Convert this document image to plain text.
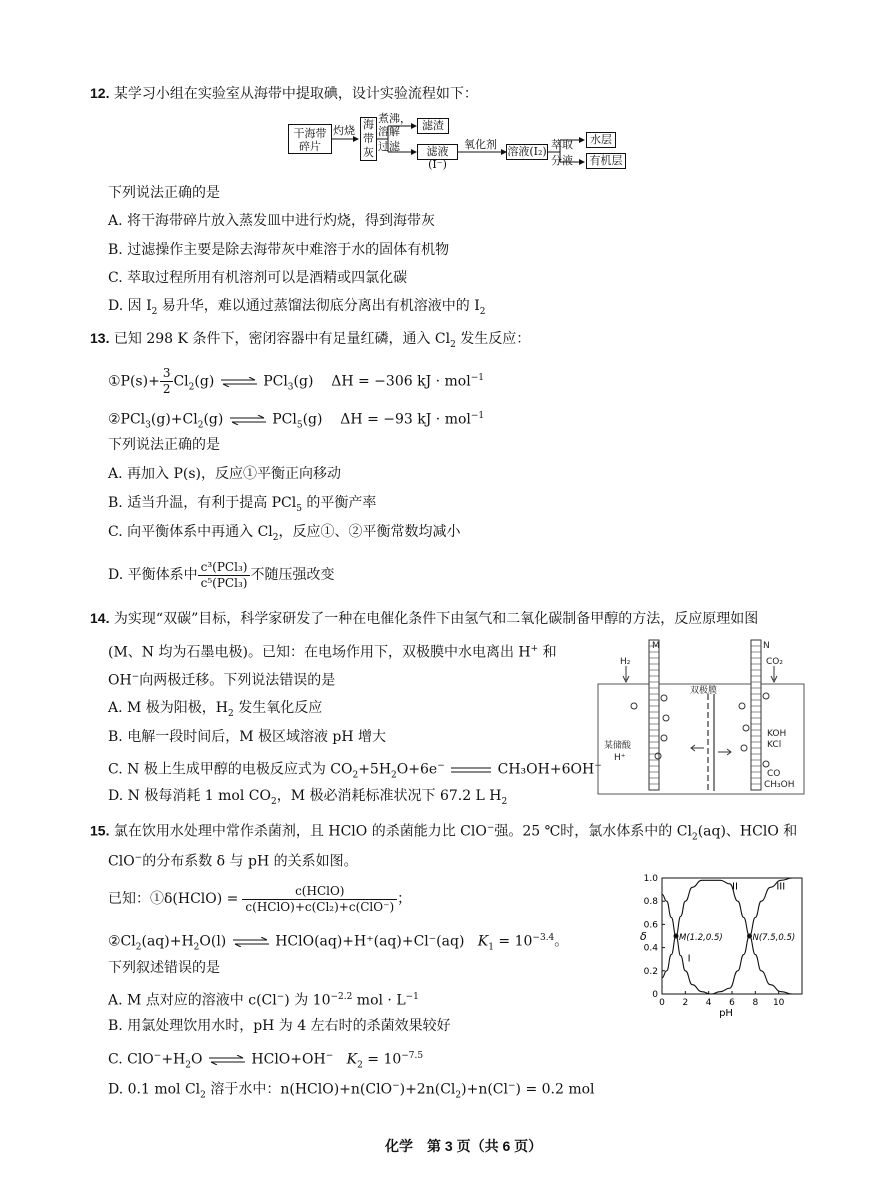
12. 某学习小组在实验室从海带中提取碘，设计实验流程如下：
干海带
碎片
灼烧 海带灰
煮沸，
溶解
过滤
滤渣
滤液(I⁻)
氧化剂
溶液(I₂)
萃取
分液
水层
有机层
下列说法正确的是
A. 将干海带碎片放入蒸发皿中进行灼烧，得到海带灰
B. 过滤操作主要是除去海带灰中难溶于水的固体有机物
C. 萃取过程所用有机溶剂可以是酒精或四氯化碳
D. 因 $I_2$ 易升华，难以通过蒸馏法彻底分离出有机溶液中的 $I_2$
13. 已知 298 K 条件下，密闭容器中有足量红磷，通入 $Cl_2$ 发生反应：
①P(s)+ $\frac{3}{2} Cl_2(g)$ ⇌ PCl$_3$(g) ΔH = −306 kJ · mol$^{-1}$
$②PCl_3(g)+Cl_2(g)$ ⇌ PCl$_5$(g) ΔH = −93 kJ · mol$^{-1}$
下列说法正确的是
A. 再加入 P(s)，反应①平衡正向移动
B. 适当升温，有利于提高 PCl$_5$ 的平衡产率
C. 向平衡体系中再通入 $Cl_2$，反应①、②平衡常数均减小
D. 平衡体系中 $\frac{\text{c³(PCl₃)}}{\text{c⁵(PCl₃)}}$ 不随压强改变
14. 为实现“双碳”目标，科学家研发了一种在电催化条件下由氢气和二氧化碳制备甲醇的方法，反应原理如图
(M、N 均为石墨电极)。已知：在电场作用下，双极膜中水电离出 H+ 和
OH−向两极迁移。下列说法错误的是
A. M 极为阳极，$H_2$ 发生氧化反应
B. 电解一段时间后，M 极区域溶液 pH 增大
C. N 极上生成甲醇的电极反应式为 $CO_2+5H_2O+6e^-$	CH₃OH+6OH−
D. N 极每消耗 1 mol $CO_2$，M 极必消耗标准状况下 67.2 L $H_2$
M	N
H₂	CO₂
双极膜
某储酸
H⁺
KOH
KCl
CO
CH₃OH
15. 氯在饮用水处理中常作杀菌剂，且 HClO 的杀菌能力比 ClO−强。25 ℃时，氯水体系中的 $Cl_2(aq)$、HClO 和
ClO−的分布系数 δ 与 pH 的关系如图。
已知：①δ(HClO) = $\frac{\text{c(HClO)}}{\text{c(HClO)+c(Cl₂)+c(ClO⁻)}}$ ；
$②Cl_2(aq)+H_2O(l)$ ⇌ HClO(aq)+H⁺(aq)+Cl⁻(aq) $K_1 = 10^{-3.4}$。
下列叙述错误的是
A. M 点对应的溶液中 c(Cl−) 为 $10^{-2.2}$ mol · $L^{-1}$
B. 用氯处理饮用水时，pH 为 4 左右时的杀菌效果较好
C. $ClO^-+H_2O$ ⇌ HClO+OH− $K_2 = 10^{-7.5}$
D. 0.1 mol $Cl_2$ 溶于水中：$n(HClO)+n(ClO^-)+2n(Cl_2)+n(Cl^-) = 0.2$ mol
0
0.2
0.4
0.6
0.8
1.0
0 2 4 6 8 10
pH
δ
I
II	III
M(1.2,0.5)	N(7.5,0.5)
化学　第 3 页（共 6 页）
